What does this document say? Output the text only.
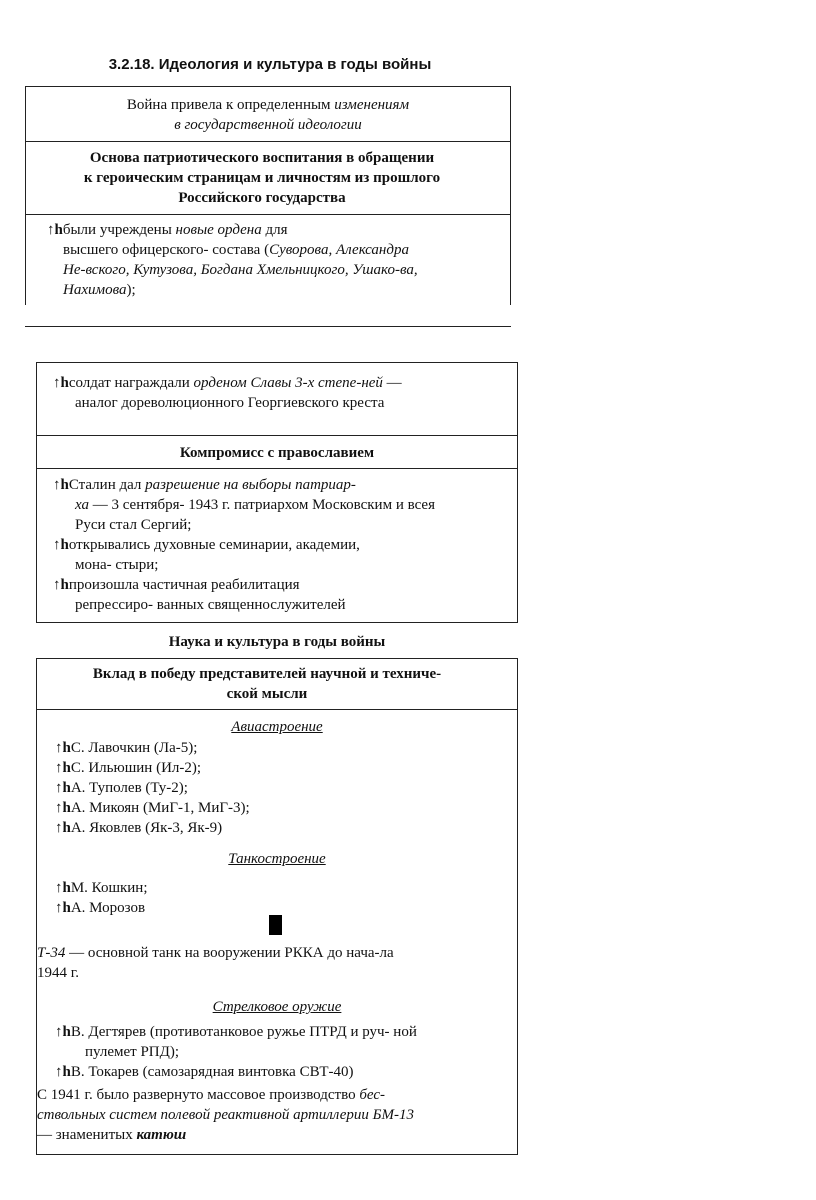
3.2.18. Идеология и культура в годы войны
Война привела к определенным изменениям
в государственной идеологии
Основа патриотического воспитания в обращении
к героическим страницам и личностям из прошлого
Российского государства
↑hбыли учреждены новые ордена для
высшего офицерского- состава (Суворова, Александра
Не-вского, Кутузова, Богдана Хмельницкого, Ушако-ва,
Нахимова);
↑hсолдат награждали орденом Славы 3-х степе-ней —
аналог дореволюционного Георгиевского креста
Компромисс с православием
↑hСталин дал разрешение на выборы патриар-
ха — 3 сентября- 1943 г. патриархом Московским и всея
Руси стал Сергий;
↑hоткрывались духовные семинарии, академии,
мона- стыри;
↑hпроизошла частичная реабилитация
репрессиро- ванных священнослужителей
Наука и культура в годы войны
Вклад в победу представителей научной и техниче-
ской мысли
Авиастроение
↑hС. Лавочкин (Ла-5);
↑hС. Ильюшин (Ил-2);
↑hА. Туполев (Ту-2);
↑hА. Микоян (МиГ-1, МиГ-3);
↑hА. Яковлев (Як-3, Як-9)
Танкостроение
↑hМ. Кошкин;
↑hА. Морозов
Т-34 — основной танк на вооружении РККА до нача-ла
1944 г.
Стрелковое оружие
↑hВ. Дегтярев (противотанковое ружье ПТРД и руч- ной
пулемет РПД);
↑hВ. Токарев (самозарядная винтовка СВТ-40)
С 1941 г. было развернуто массовое производство бес-
ствольных систем полевой реактивной артиллерии БМ-13
— знаменитых катюш
